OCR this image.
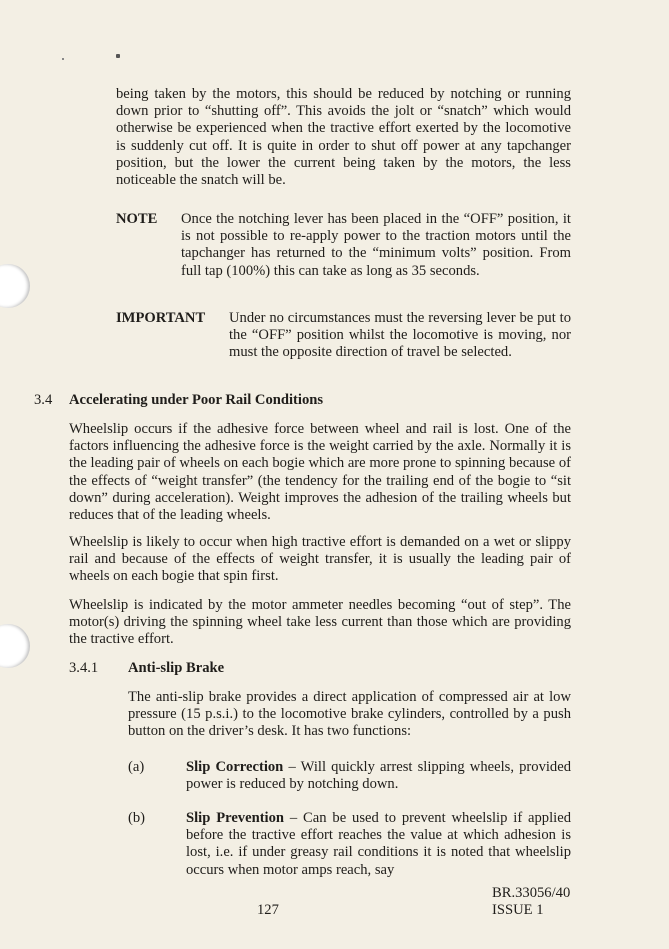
being taken by the motors, this should be reduced by notching or running down prior to “shutting off”. This avoids the jolt or “snatch” which would otherwise be experienced when the tractive effort exerted by the locomotive is suddenly cut off. It is quite in order to shut off power at any tapchanger position, but the lower the current being taken by the motors, the less noticeable the snatch will be.

NOTE Once the notching lever has been placed in the “OFF” position, it is not possible to re-apply power to the traction motors until the tapchanger has returned to the “minimum volts” position. From full tap (100%) this can take as long as 35 seconds.

IMPORTANT Under no circumstances must the reversing lever be put to the “OFF” position whilst the locomotive is moving, nor must the opposite direction of travel be selected.

3.4 Accelerating under Poor Rail Conditions

Wheelslip occurs if the adhesive force between wheel and rail is lost. One of the factors influencing the adhesive force is the weight carried by the axle. Normally it is the leading pair of wheels on each bogie which are more prone to spinning because of the effects of “weight transfer” (the tendency for the trailing end of the bogie to “sit down” during acceleration). Weight improves the adhesion of the trailing wheels but reduces that of the leading wheels.

Wheelslip is likely to occur when high tractive effort is demanded on a wet or slippy rail and because of the effects of weight transfer, it is usually the leading pair of wheels on each bogie that spin first.

Wheelslip is indicated by the motor ammeter needles becoming “out of step”. The motor(s) driving the spinning wheel take less current than those which are providing the tractive effort.

3.4.1 Anti-slip Brake

The anti-slip brake provides a direct application of compressed air at low pressure (15 p.s.i.) to the locomotive brake cylinders, controlled by a push button on the driver’s desk. It has two functions:

(a)	Slip Correction – Will quickly arrest slipping wheels, provided power is reduced by notching down.

(b)	Slip Prevention – Can be used to prevent wheelslip if applied before the tractive effort reaches the value at which adhesion is lost, i.e. if under greasy rail conditions it is noted that wheelslip occurs when motor amps reach, say

127
BR.33056/40
ISSUE 1
